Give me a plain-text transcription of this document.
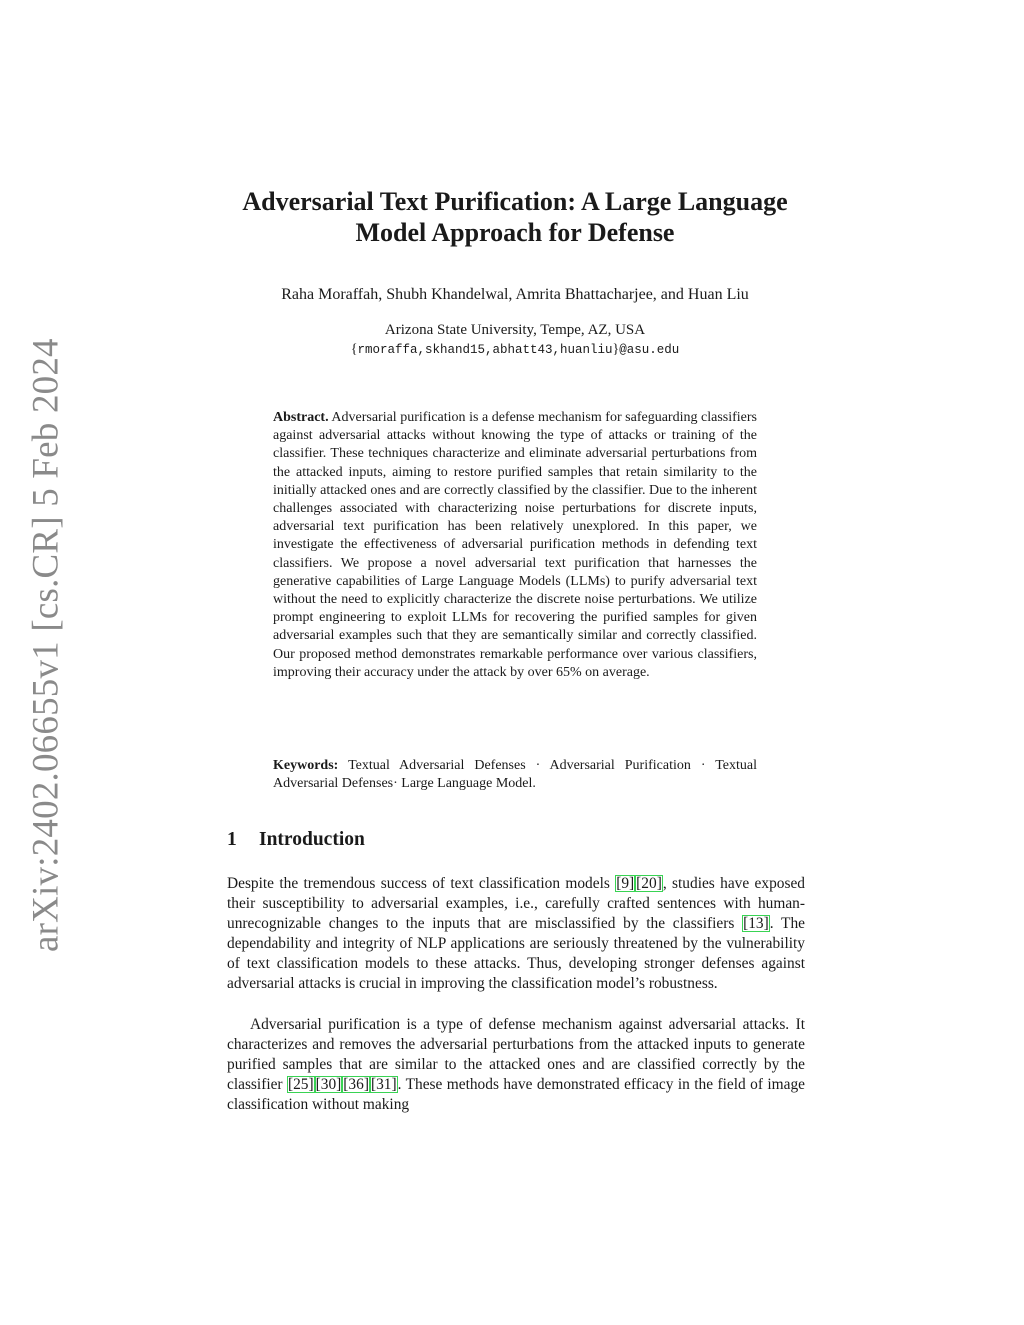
arXiv:2402.06655v1 [cs.CR] 5 Feb 2024
Adversarial Text Purification: A Large Language
Model Approach for Defense
Raha Moraffah, Shubh Khandelwal, Amrita Bhattacharjee, and Huan Liu
Arizona State University, Tempe, AZ, USA
{rmoraffa,skhand15,abhatt43,huanliu}@asu.edu

Abstract. Adversarial purification is a defense mechanism for safeguarding classifiers against adversarial attacks without knowing the type of attacks or training of the classifier. These techniques characterize and eliminate adversarial perturbations from the attacked inputs, aiming to restore purified samples that retain similarity to the initially attacked ones and are correctly classified by the classifier. Due to the inherent challenges associated with characterizing noise perturbations for discrete inputs, adversarial text purification has been relatively unexplored. In this paper, we investigate the effectiveness of adversarial purification methods in defending text classifiers. We propose a novel adversarial text purification that harnesses the generative capabilities of Large Language Models (LLMs) to purify adversarial text without the need to explicitly characterize the discrete noise perturbations. We utilize prompt engineering to exploit LLMs for recovering the purified samples for given adversarial examples such that they are semantically similar and correctly classified. Our proposed method demonstrates remarkable performance over various classifiers, improving their accuracy under the attack by over 65% on average.

Keywords: Textual Adversarial Defenses · Adversarial Purification · Textual Adversarial Defenses· Large Language Model.

1 Introduction

Despite the tremendous success of text classification models [9] [20], studies have exposed their susceptibility to adversarial examples, i.e., carefully crafted sentences with human-unrecognizable changes to the inputs that are misclassified by the classifiers [13]. The dependability and integrity of NLP applications are seriously threatened by the vulnerability of text classification models to these attacks. Thus, developing stronger defenses against adversarial attacks is crucial in improving the classification model’s robustness.

Adversarial purification is a type of defense mechanism against adversarial attacks. It characterizes and removes the adversarial perturbations from the attacked inputs to generate purified samples that are similar to the attacked ones and are classified correctly by the classifier [25] [30] [36] [31]. These methods have demonstrated efficacy in the field of image classification without making
